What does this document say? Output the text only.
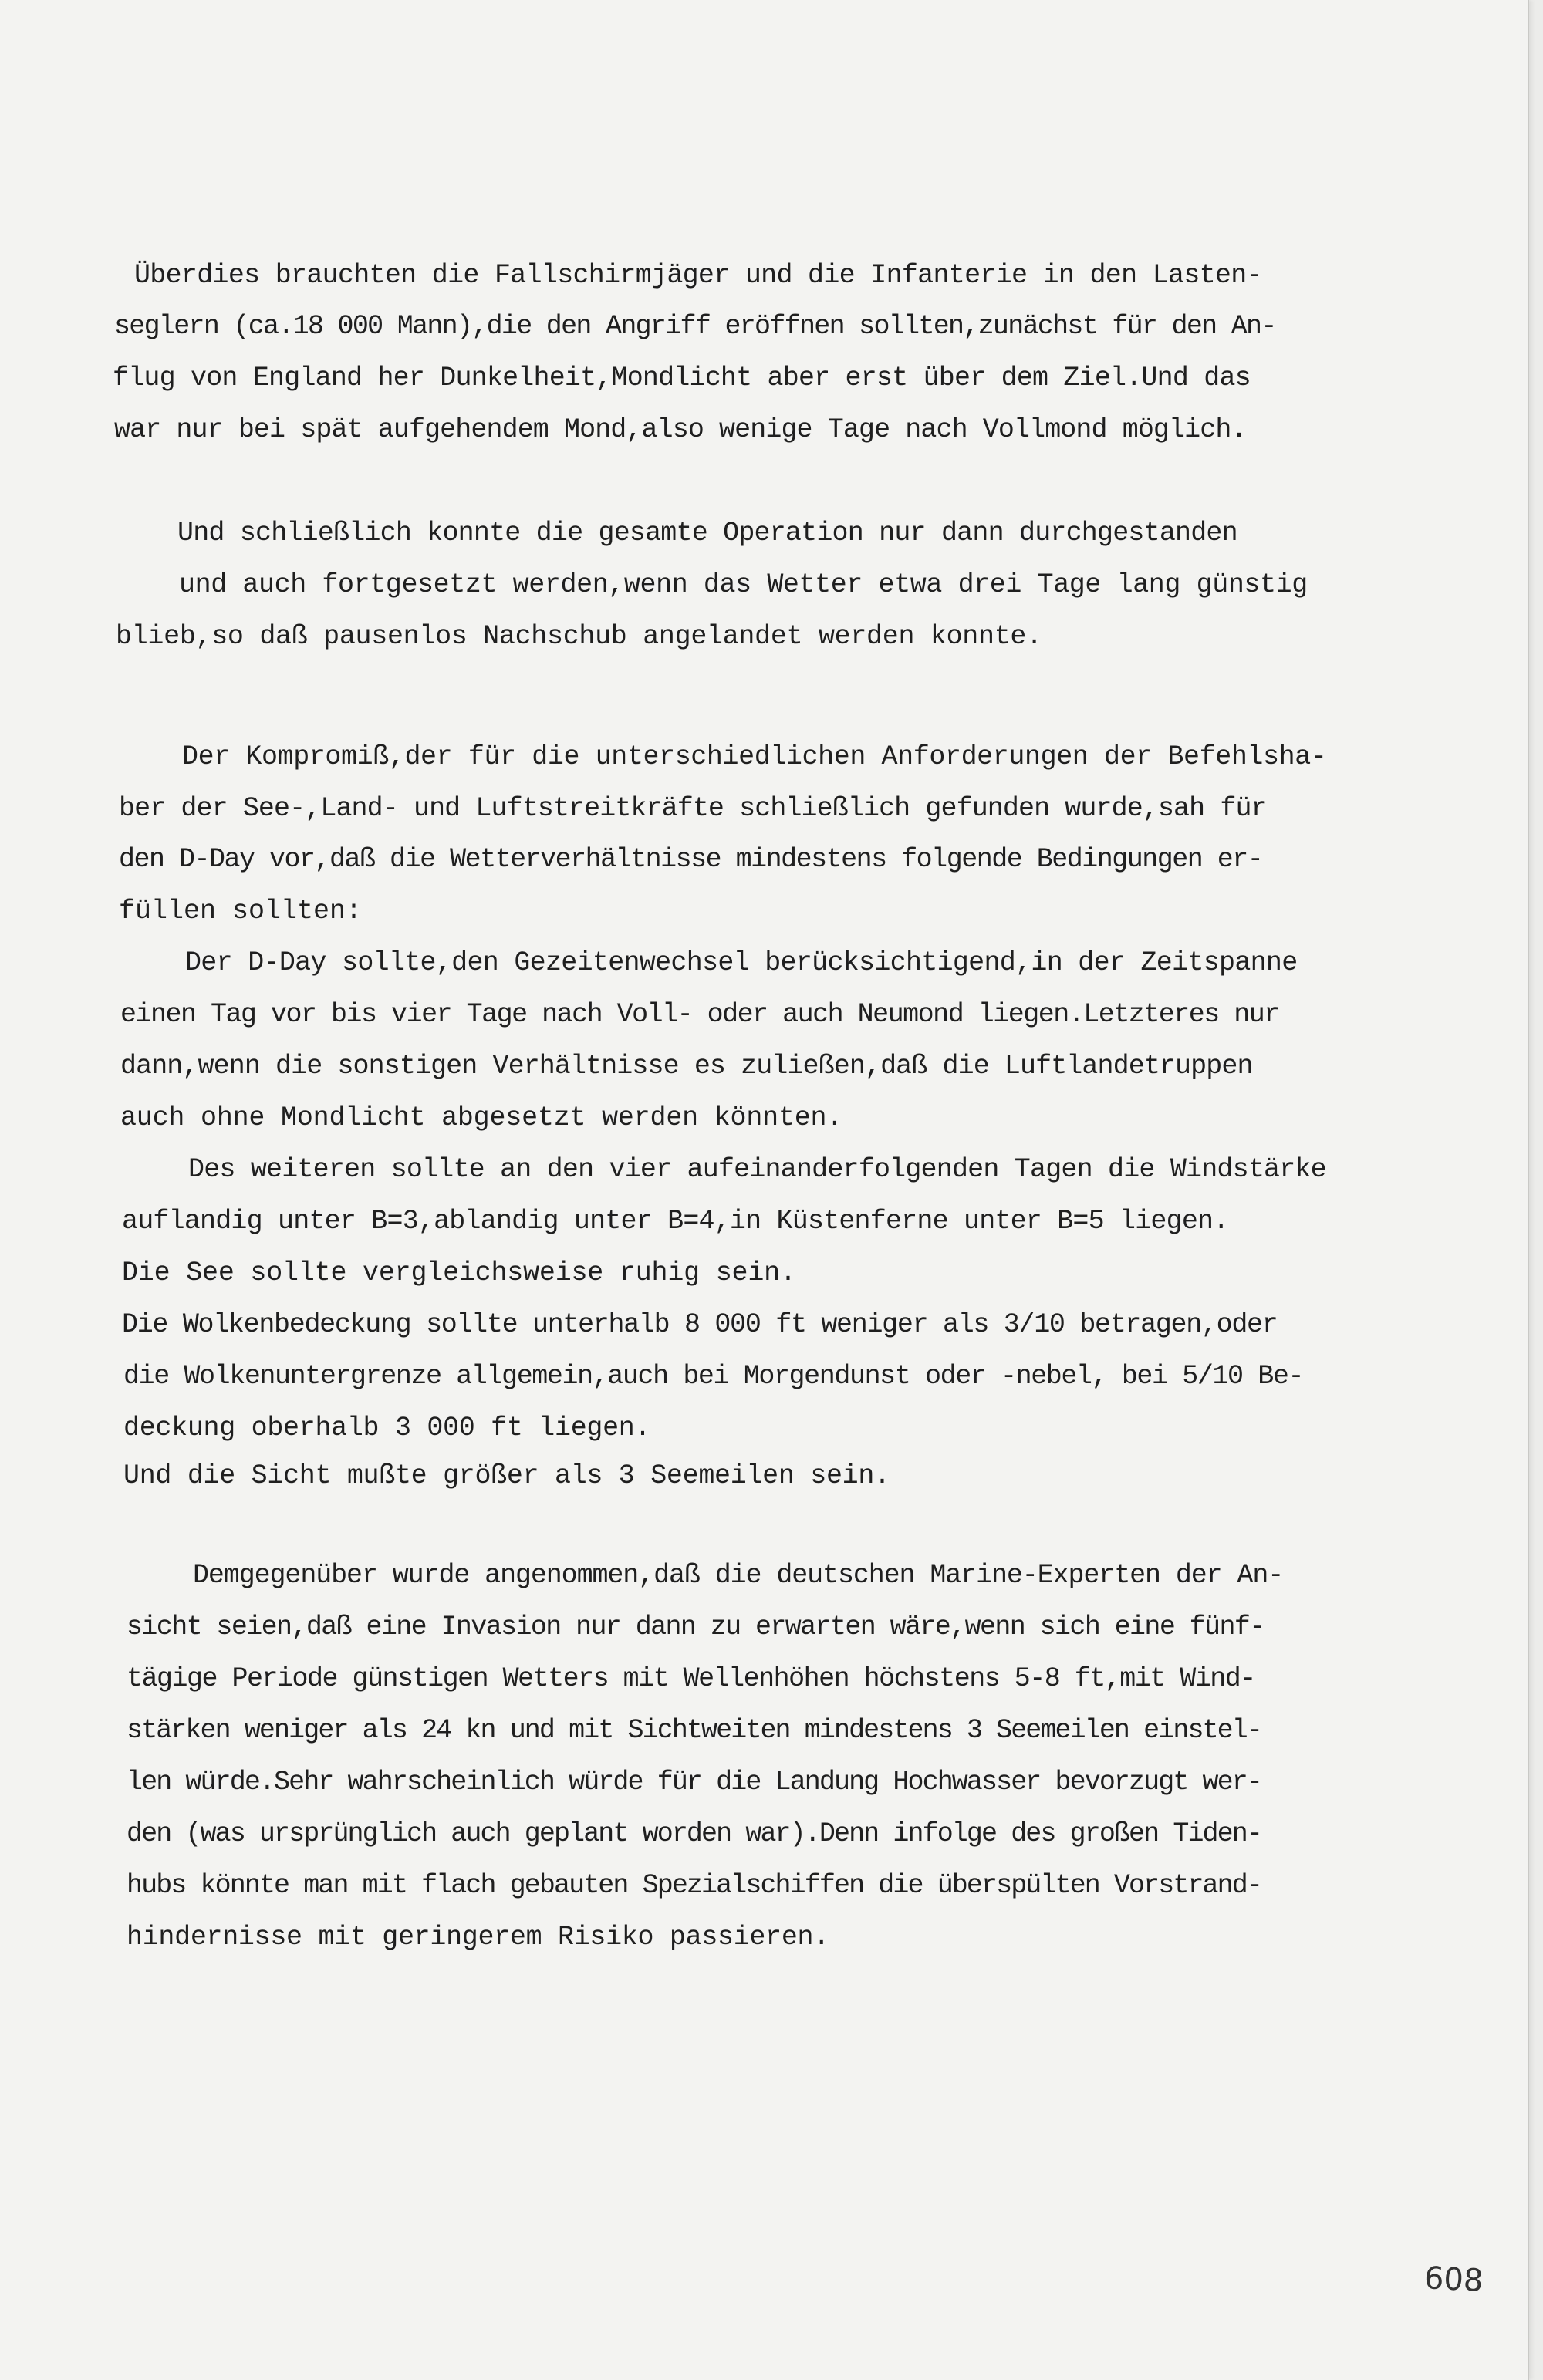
Überdies brauchten die Fallschirmjäger und die Infanterie in den Lasten-

seglern (ca.18 000 Mann),die den Angriff eröffnen sollten,zunächst für den An-

flug von England her Dunkelheit,Mondlicht aber erst über dem Ziel.Und das

war nur bei spät aufgehendem Mond,also wenige Tage nach Vollmond möglich.

Und schließlich konnte die gesamte Operation nur dann durchgestanden

und auch fortgesetzt werden,wenn das Wetter etwa drei Tage lang günstig

blieb,so daß pausenlos Nachschub angelandet werden konnte.

Der Kompromiß,der für die unterschiedlichen Anforderungen der Befehlsha-

ber der See-,Land- und Luftstreitkräfte schließlich gefunden wurde,sah für

den D-Day vor,daß die Wetterverhältnisse mindestens folgende Bedingungen er-

füllen sollten:

Der D-Day sollte,den Gezeitenwechsel berücksichtigend,in der Zeitspanne

einen Tag vor bis vier Tage nach Voll- oder auch Neumond liegen.Letzteres nur

dann,wenn die sonstigen Verhältnisse es zuließen,daß die Luftlandetruppen

auch ohne Mondlicht abgesetzt werden könnten.

Des weiteren sollte an den vier aufeinanderfolgenden Tagen die Windstärke

auflandig unter B=3,ablandig unter B=4,in Küstenferne unter B=5 liegen.

Die See sollte vergleichsweise ruhig sein.

Die Wolkenbedeckung sollte unterhalb 8 000 ft weniger als 3/10 betragen,oder

die Wolkenuntergrenze allgemein,auch bei Morgendunst oder -nebel, bei 5/10 Be-

deckung oberhalb 3 000 ft liegen.

Und die Sicht mußte größer als 3 Seemeilen sein.

Demgegenüber wurde angenommen,daß die deutschen Marine-Experten der An-

sicht seien,daß eine Invasion nur dann zu erwarten wäre,wenn sich eine fünf-

tägige Periode günstigen Wetters mit Wellenhöhen höchstens 5-8 ft,mit Wind-

stärken weniger als 24 kn und mit Sichtweiten mindestens 3 Seemeilen einstel-

len würde.Sehr wahrscheinlich würde für die Landung Hochwasser bevorzugt wer-

den (was ursprünglich auch geplant worden war).Denn infolge des großen Tiden-

hubs könnte man mit flach gebauten Spezialschiffen die überspülten Vorstrand-

hindernisse mit geringerem Risiko passieren.

608
